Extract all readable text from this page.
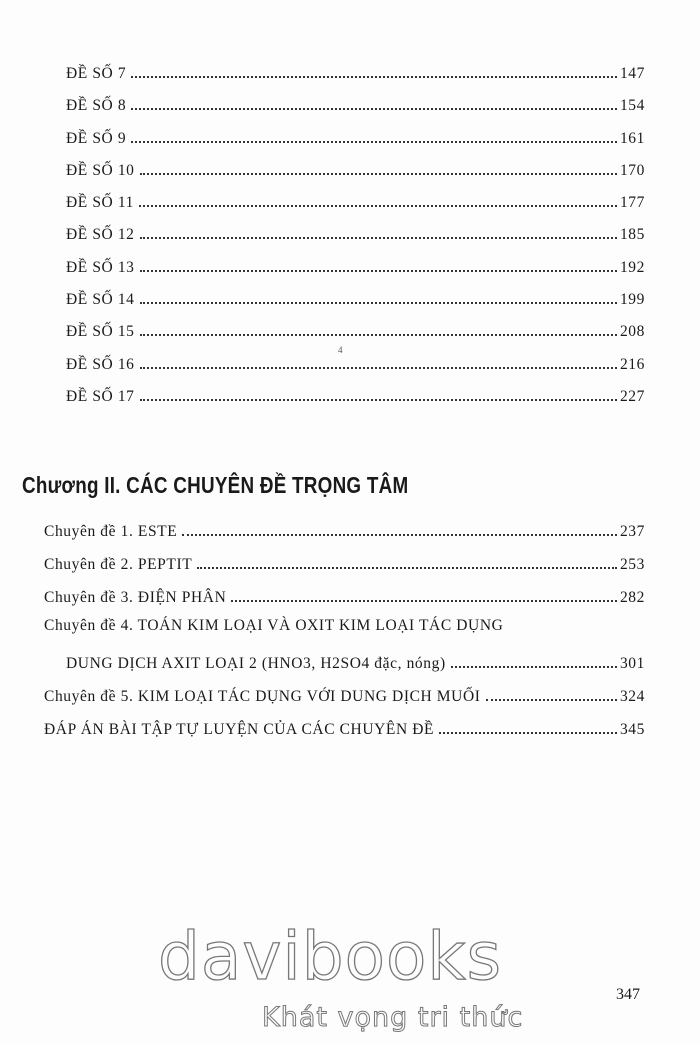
ĐỀ SỐ 7	147
ĐỀ SỐ 8	154
ĐỀ SỐ 9	161
ĐỀ SỐ 10	170
ĐỀ SỐ 11	177
ĐỀ SỐ 12	185
ĐỀ SỐ 13	192
ĐỀ SỐ 14	199
ĐỀ SỐ 15	208
ĐỀ SỐ 16	216
ĐỀ SỐ 17	227
4
Chương II. CÁC CHUYÊN ĐỀ TRỌNG TÂM
Chuyên đề 1. ESTE	237
Chuyên đề 2. PEPTIT	253
Chuyên đề 3. ĐIỆN PHÂN	282
Chuyên đề 4. TOÁN KIM LOẠI VÀ OXIT KIM LOẠI TÁC DỤNG
DUNG DỊCH AXIT LOẠI 2 (HNO3, H2SO4 đặc, nóng)	301
Chuyên đề 5. KIM LOẠI TÁC DỤNG VỚI DUNG DỊCH MUỐI	324
ĐÁP ÁN BÀI TẬP TỰ LUYỆN CỦA CÁC CHUYÊN ĐỀ	345
davibooks
Khát vọng tri thức
347
